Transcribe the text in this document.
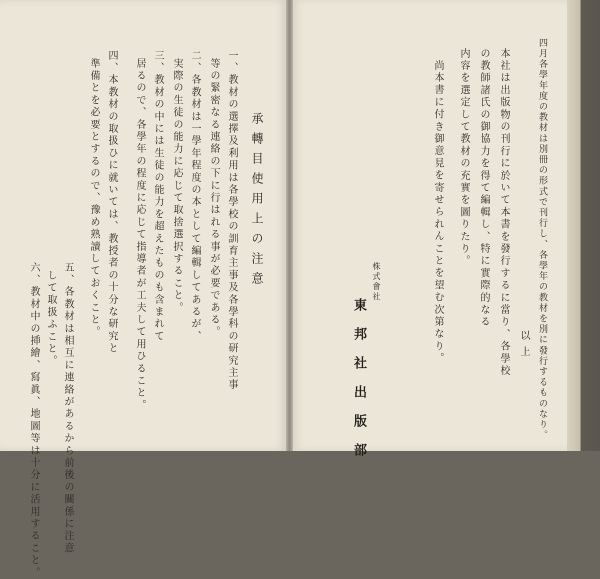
承轉目使用上の注意
一、教材の選擇及利用は各學校の訓育主事及各學科の研究主事
等の緊密なる連絡の下に行はれる事が必要である。
二、各教材は一學年程度の本として編輯してあるが、
実際の生徒の能力に応じて取捨選択すること。
三、教材の中には生徒の能力を超えたものも含まれて
居るので、各學年の程度に応じて指導者が工夫して用ひること。
四、本教材の取扱ひに就いては、教授者の十分な研究と
準備とを必要とするので、豫め熟讀しておくこと。
五、各教材は相互に連絡があるから前後の關係に注意
して取扱ふこと。
六、教材中の挿繪、寫眞、地圖等は十分に活用すること。	四月各學年度の教材は別冊の形式で刊行し、各學年の教材を別に發行するものなり。
本社は出版物の刊行に於いて本書を發行するに當り、各學校
の教師諸氏の御協力を得て編輯し、特に實際的なる
内容を選定して教材の充實を圖りたり。
尚本書に付き御意見を寄せられんことを望む次第なり。	以上
株式會社
東邦社出版部
